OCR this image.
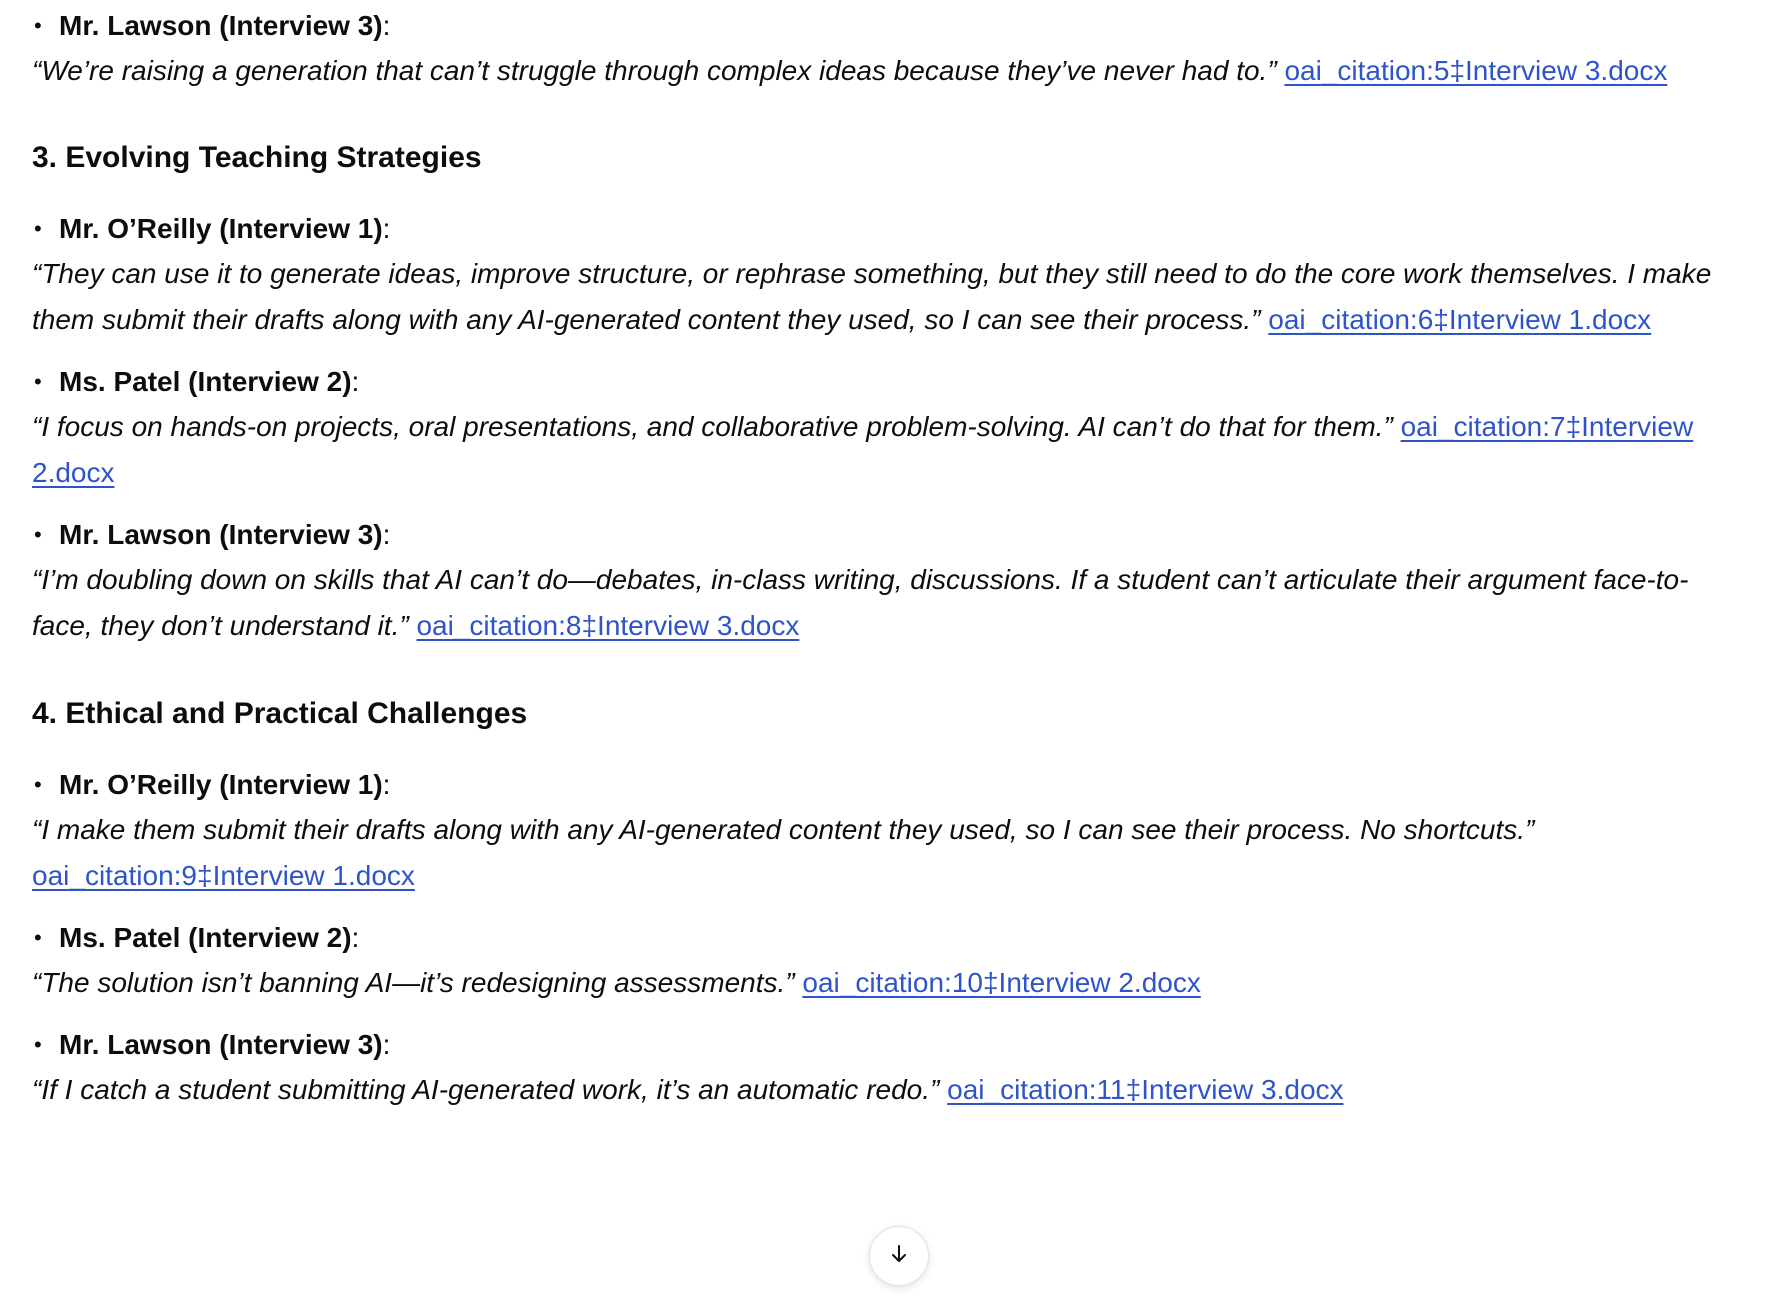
• Mr. Lawson (Interview 3):
“We’re raising a generation that can’t struggle through complex ideas because they’ve never had to.” oai_citation:5‡Interview 3.docx
3. Evolving Teaching Strategies
• Mr. O’Reilly (Interview 1):
“They can use it to generate ideas, improve structure, or rephrase something, but they still need to do the core work themselves. I make them submit their drafts along with any AI-generated content they used, so I can see their process.” oai_citation:6‡Interview 1.docx
• Ms. Patel (Interview 2):
“I focus on hands-on projects, oral presentations, and collaborative problem-solving. AI can’t do that for them.” oai_citation:7‡Interview 2.docx
• Mr. Lawson (Interview 3):
“I’m doubling down on skills that AI can’t do—debates, in-class writing, discussions. If a student can’t articulate their argument face-to-face, they don’t understand it.” oai_citation:8‡Interview 3.docx
4. Ethical and Practical Challenges
• Mr. O’Reilly (Interview 1):
“I make them submit their drafts along with any AI-generated content they used, so I can see their process. No shortcuts.” oai_citation:9‡Interview 1.docx
• Ms. Patel (Interview 2):
“The solution isn’t banning AI—it’s redesigning assessments.” oai_citation:10‡Interview 2.docx
• Mr. Lawson (Interview 3):
“If I catch a student submitting AI-generated work, it’s an automatic redo.” oai_citation:11‡Interview 3.docx
